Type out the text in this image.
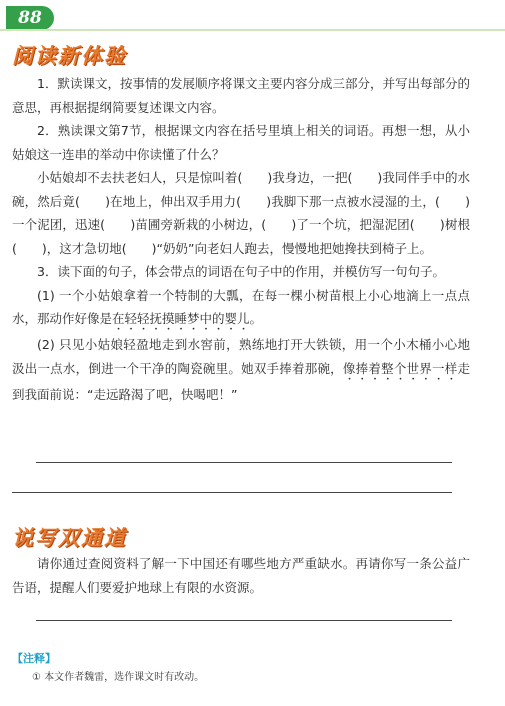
88
阅读新体验

1．默读课文，按事情的发展顺序将课文主要内容分成三部分，并写出每部分的意思，再根据提纲简要复述课文内容。

2．熟读课文第7节，根据课文内容在括号里填上相关的词语。再想一想，从小姑娘这一连串的举动中你读懂了什么？

小姑娘却不去扶老妇人，只是惊叫着(　　)我身边，一把(　　)我同伴手中的水碗，然后竟(　　)在地上，伸出双手用力(　　)我脚下那一点被水浸湿的土，(　　)一个泥团，迅速(　　)苗圃旁新栽的小树边，(　　)了一个坑，把湿泥团(　　)树根(　　)，这才急切地(　　)“奶奶”向老妇人跑去，慢慢地把她搀扶到椅子上。

3．读下面的句子，体会带点的词语在句子中的作用，并模仿写一句句子。

(1) 一个小姑娘拿着一个特制的大瓢，在每一棵小树苗根上小心地滴上一点点水，那动作好像是在轻轻抚摸睡梦中的婴儿。

(2) 只见小姑娘轻盈地走到水窖前，熟练地打开大铁锁，用一个小木桶小心地汲出一点水，倒进一个干净的陶瓷碗里。她双手捧着那碗，像捧着整个世界一样走到我面前说：“走远路渴了吧，快喝吧！”

说写双通道

请你通过查阅资料了解一下中国还有哪些地方严重缺水。再请你写一条公益广告语，提醒人们要爱护地球上有限的水资源。

【注释】
① 本文作者魏雷，选作课文时有改动。
